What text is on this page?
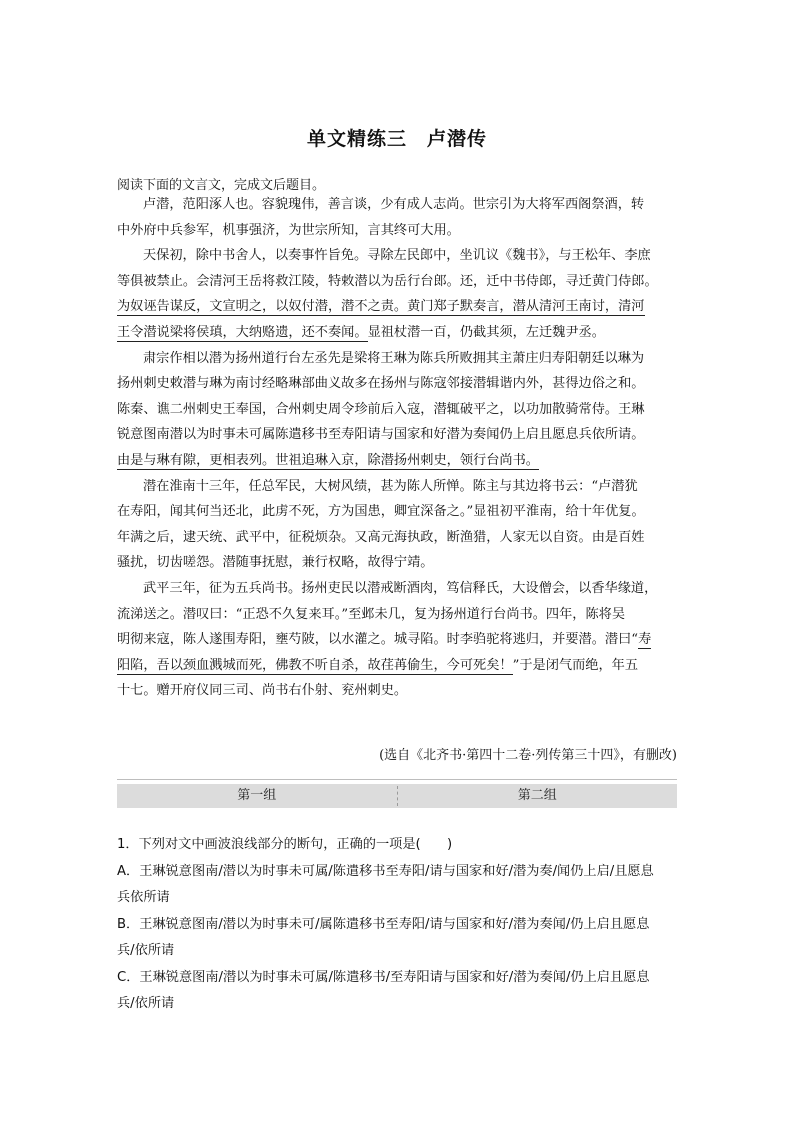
单文精练三　卢潜传
阅读下面的文言文，完成文后题目。
卢潜，范阳涿人也。容貌瑰伟，善言谈，少有成人志尚。世宗引为大将军西阁祭酒，转
中外府中兵参军，机事强济，为世宗所知，言其终可大用。
天保初，除中书舍人，以奏事忤旨免。寻除左民郎中，坐讥议《魏书》，与王松年、李庶
等俱被禁止。会清河王岳将救江陵，特敕潜以为岳行台郎。还，迁中书侍郎，寻迁黄门侍郎。
为奴诬告谋反，文宣明之，以奴付潜，潜不之责。黄门郑子默奏言，潜从清河王南讨，清河
王令潜说梁将侯瑱，大纳赂遗，还不奏闻。显祖杖潜一百，仍截其须，左迁魏尹丞。
肃宗作相以潜为扬州道行台左丞先是梁将王琳为陈兵所败拥其主萧庄归寿阳朝廷以琳为
扬州刺史敕潜与琳为南讨经略琳部曲义故多在扬州与陈寇邻接潜辑谐内外，甚得边俗之和。
陈秦、谯二州刺史王奉国，合州刺史周令珍前后入寇，潜辄破平之，以功加散骑常侍。王琳
锐意图南潜以为时事未可属陈遣移书至寿阳请与国家和好潜为奏闻仍上启且愿息兵依所请。
由是与琳有隙，更相表列。世祖追琳入京，除潜扬州刺史，领行台尚书。
潜在淮南十三年，任总军民，大树风绩，甚为陈人所惮。陈主与其边将书云：“卢潜犹
在寿阳，闻其何当还北，此虏不死，方为国患，卿宜深备之。”显祖初平淮南，给十年优复。
年满之后，逮天统、武平中，征税烦杂。又高元海执政，断渔猎，人家无以自资。由是百姓
骚扰，切齿嗟怨。潜随事抚慰，兼行权略，故得宁靖。
武平三年，征为五兵尚书。扬州吏民以潜戒断酒肉，笃信释氏，大设僧会，以香华缘道，
流涕送之。潜叹曰：“正恐不久复来耳。”至邺未几，复为扬州道行台尚书。四年，陈将吴
明彻来寇，陈人遂围寿阳，壅芍陂，以水灌之。城寻陷。时李驺驼将逃归，并要潜。潜曰“寿
阳陷，吾以颈血溅城而死，佛教不听自杀，故荏苒偷生，今可死矣！”于是闭气而绝，年五
十七。赠开府仪同三司、尚书右仆射、兖州刺史。
(选自《北齐书·第四十二卷·列传第三十四》，有删改)
第一组	第二组
1．下列对文中画波浪线部分的断句，正确的一项是(　　)
A．王琳锐意图南/潜以为时事未可属/陈遣移书至寿阳/请与国家和好/潜为奏/闻仍上启/且愿息
兵依所请
B．王琳锐意图南/潜以为时事未可/属陈遣移书至寿阳/请与国家和好/潜为奏闻/仍上启且愿息
兵/依所请
C．王琳锐意图南/潜以为时事未可属/陈遣移书/至寿阳请与国家和好/潜为奏闻/仍上启且愿息
兵/依所请
